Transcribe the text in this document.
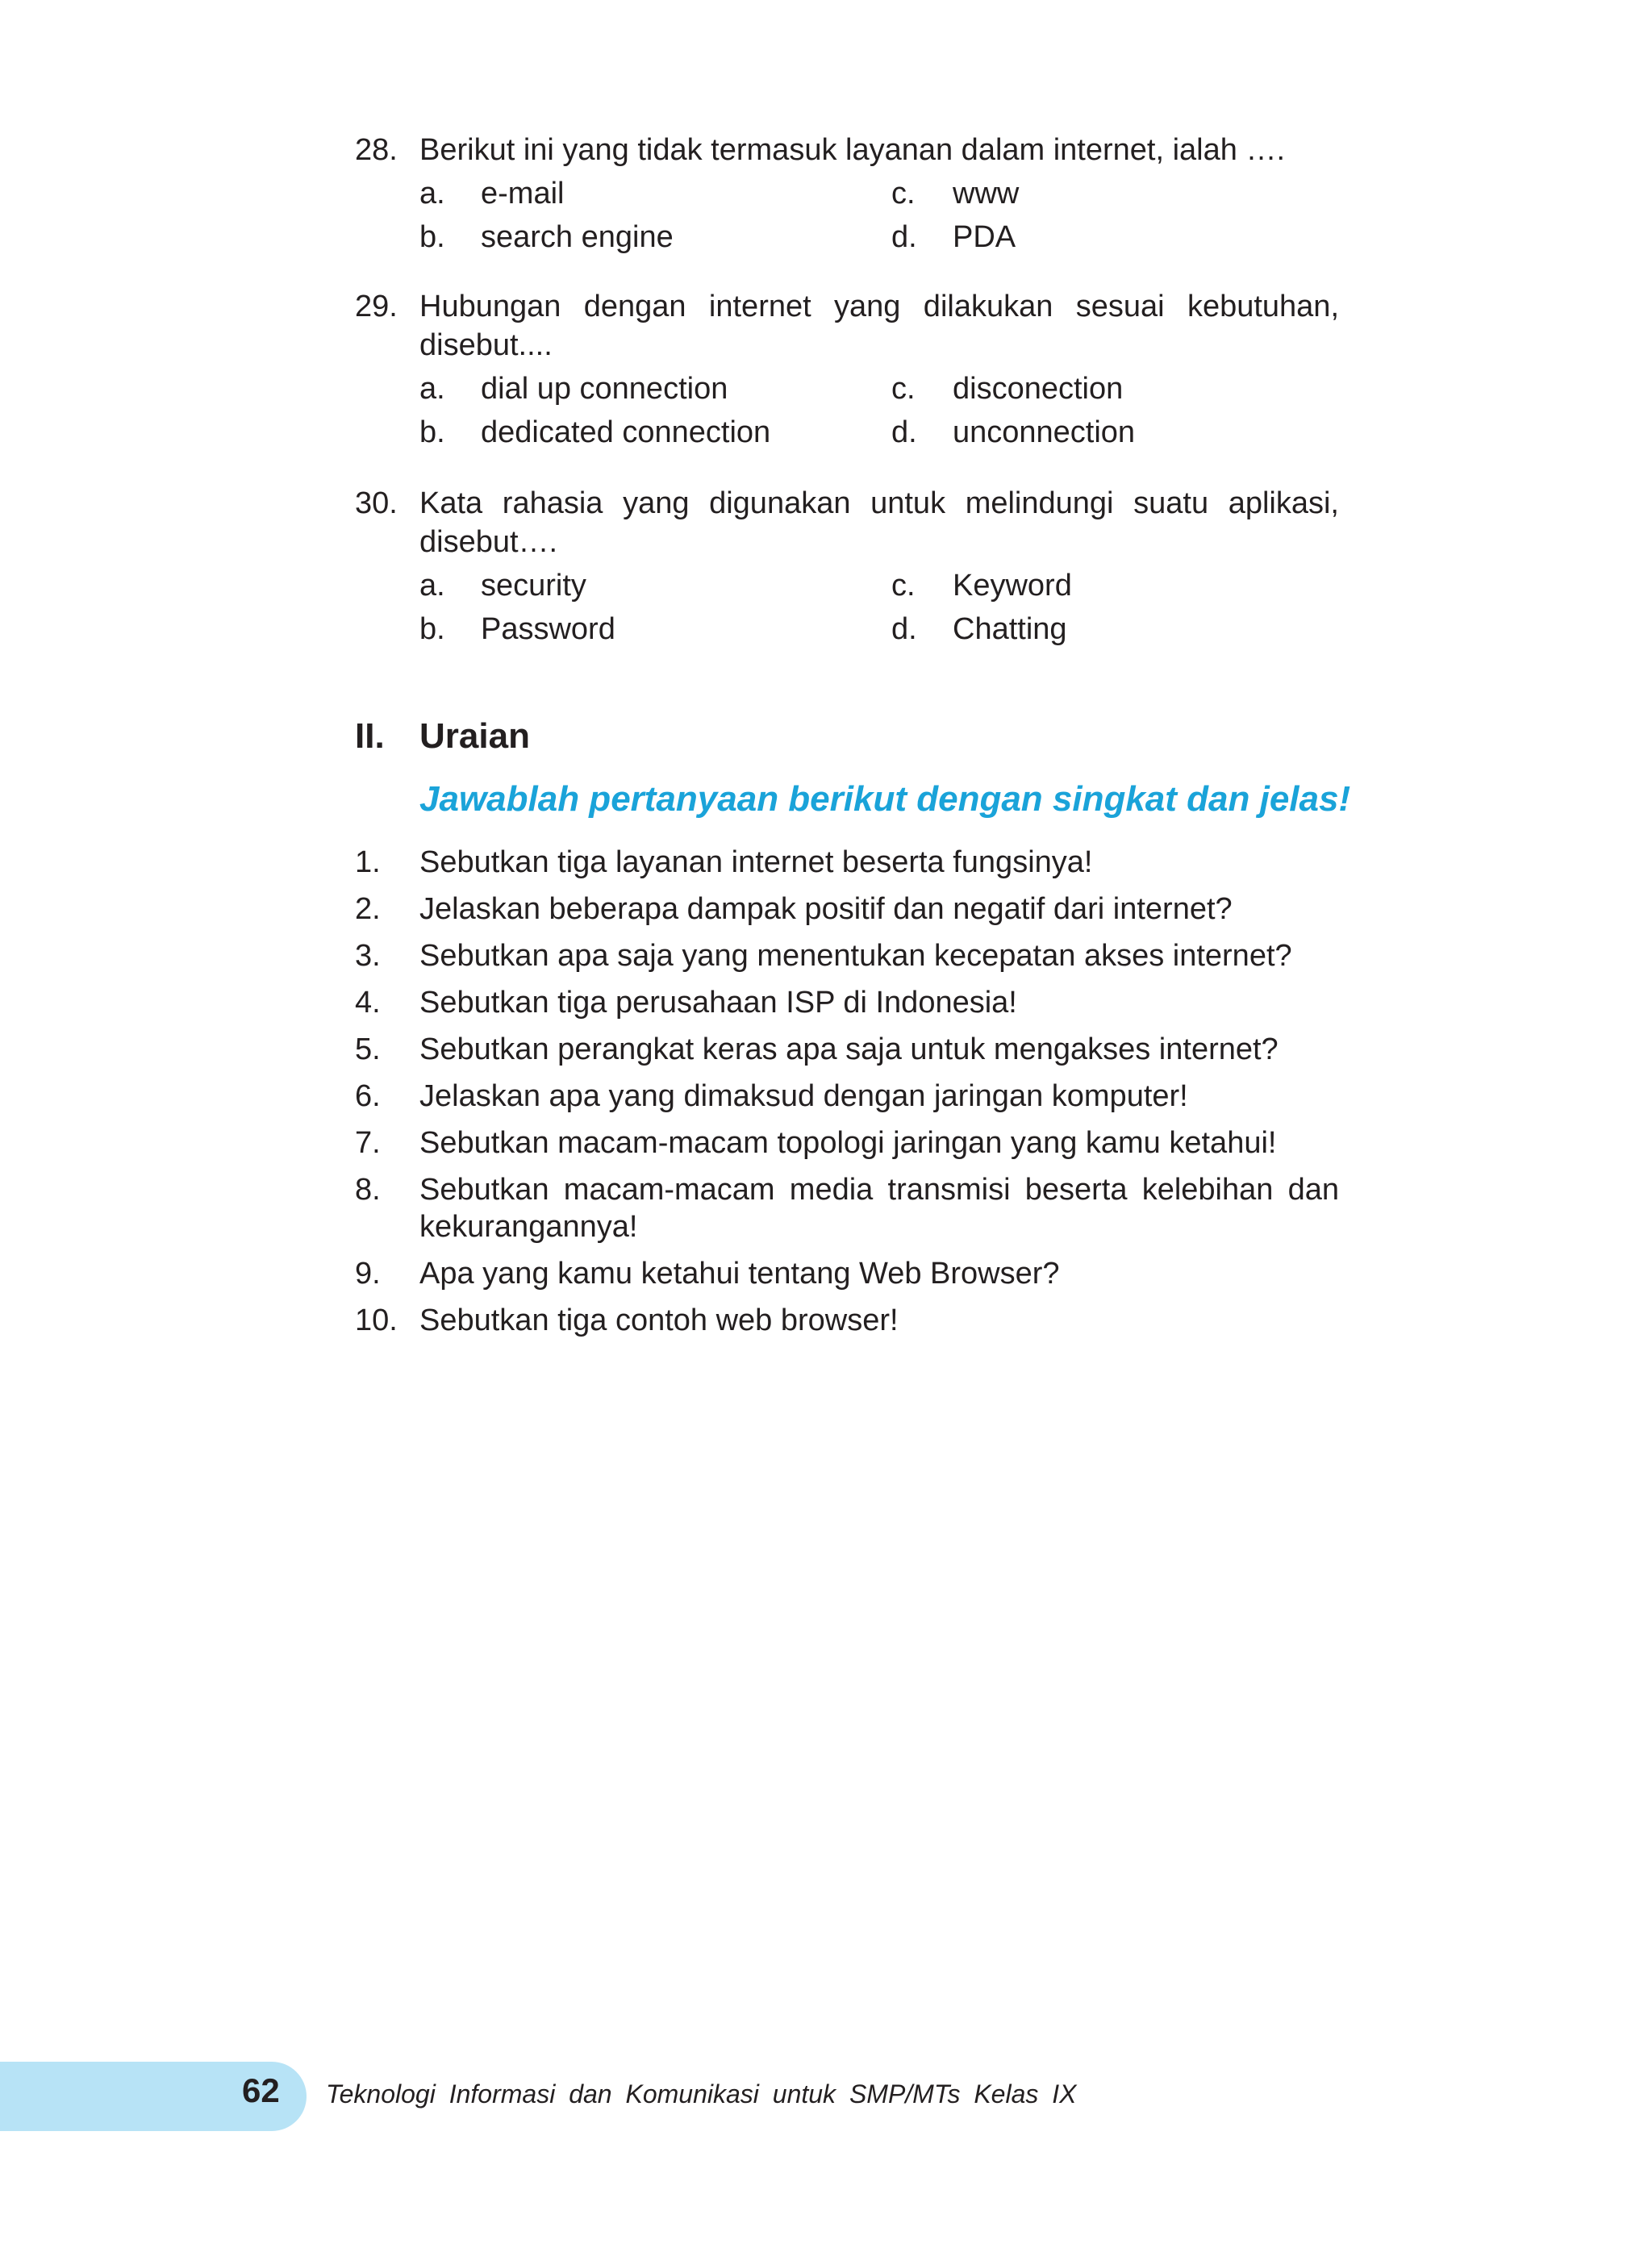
28. Berikut ini yang tidak termasuk layanan dalam internet, ialah ….
a.	e-mail	c.	www
b.	search engine	d.	PDA
29. Hubungan dengan internet yang dilakukan sesuai kebutuhan, disebut....
a.	dial up connection	c.	disconection
b.	dedicated connection	d.	unconnection
30. Kata rahasia yang digunakan untuk melindungi suatu aplikasi, disebut….
a.	security	c.	Keyword
b.	Password	d.	Chatting
II. Uraian
Jawablah pertanyaan berikut dengan singkat dan jelas!
1.	Sebutkan tiga layanan internet beserta fungsinya!
2.	Jelaskan beberapa dampak positif dan negatif dari internet?
3.	Sebutkan apa saja yang menentukan kecepatan akses internet?
4.	Sebutkan tiga perusahaan ISP di Indonesia!
5.	Sebutkan perangkat keras apa saja untuk mengakses internet?
6.	Jelaskan apa yang dimaksud dengan jaringan komputer!
7.	Sebutkan macam-macam topologi jaringan yang kamu ketahui!
8.	Sebutkan macam-macam media transmisi beserta kelebihan dan kekurangannya!
9.	Apa yang kamu ketahui tentang Web Browser?
10. Sebutkan tiga contoh web browser!
62 Teknologi Informasi dan Komunikasi untuk SMP/MTs Kelas IX
